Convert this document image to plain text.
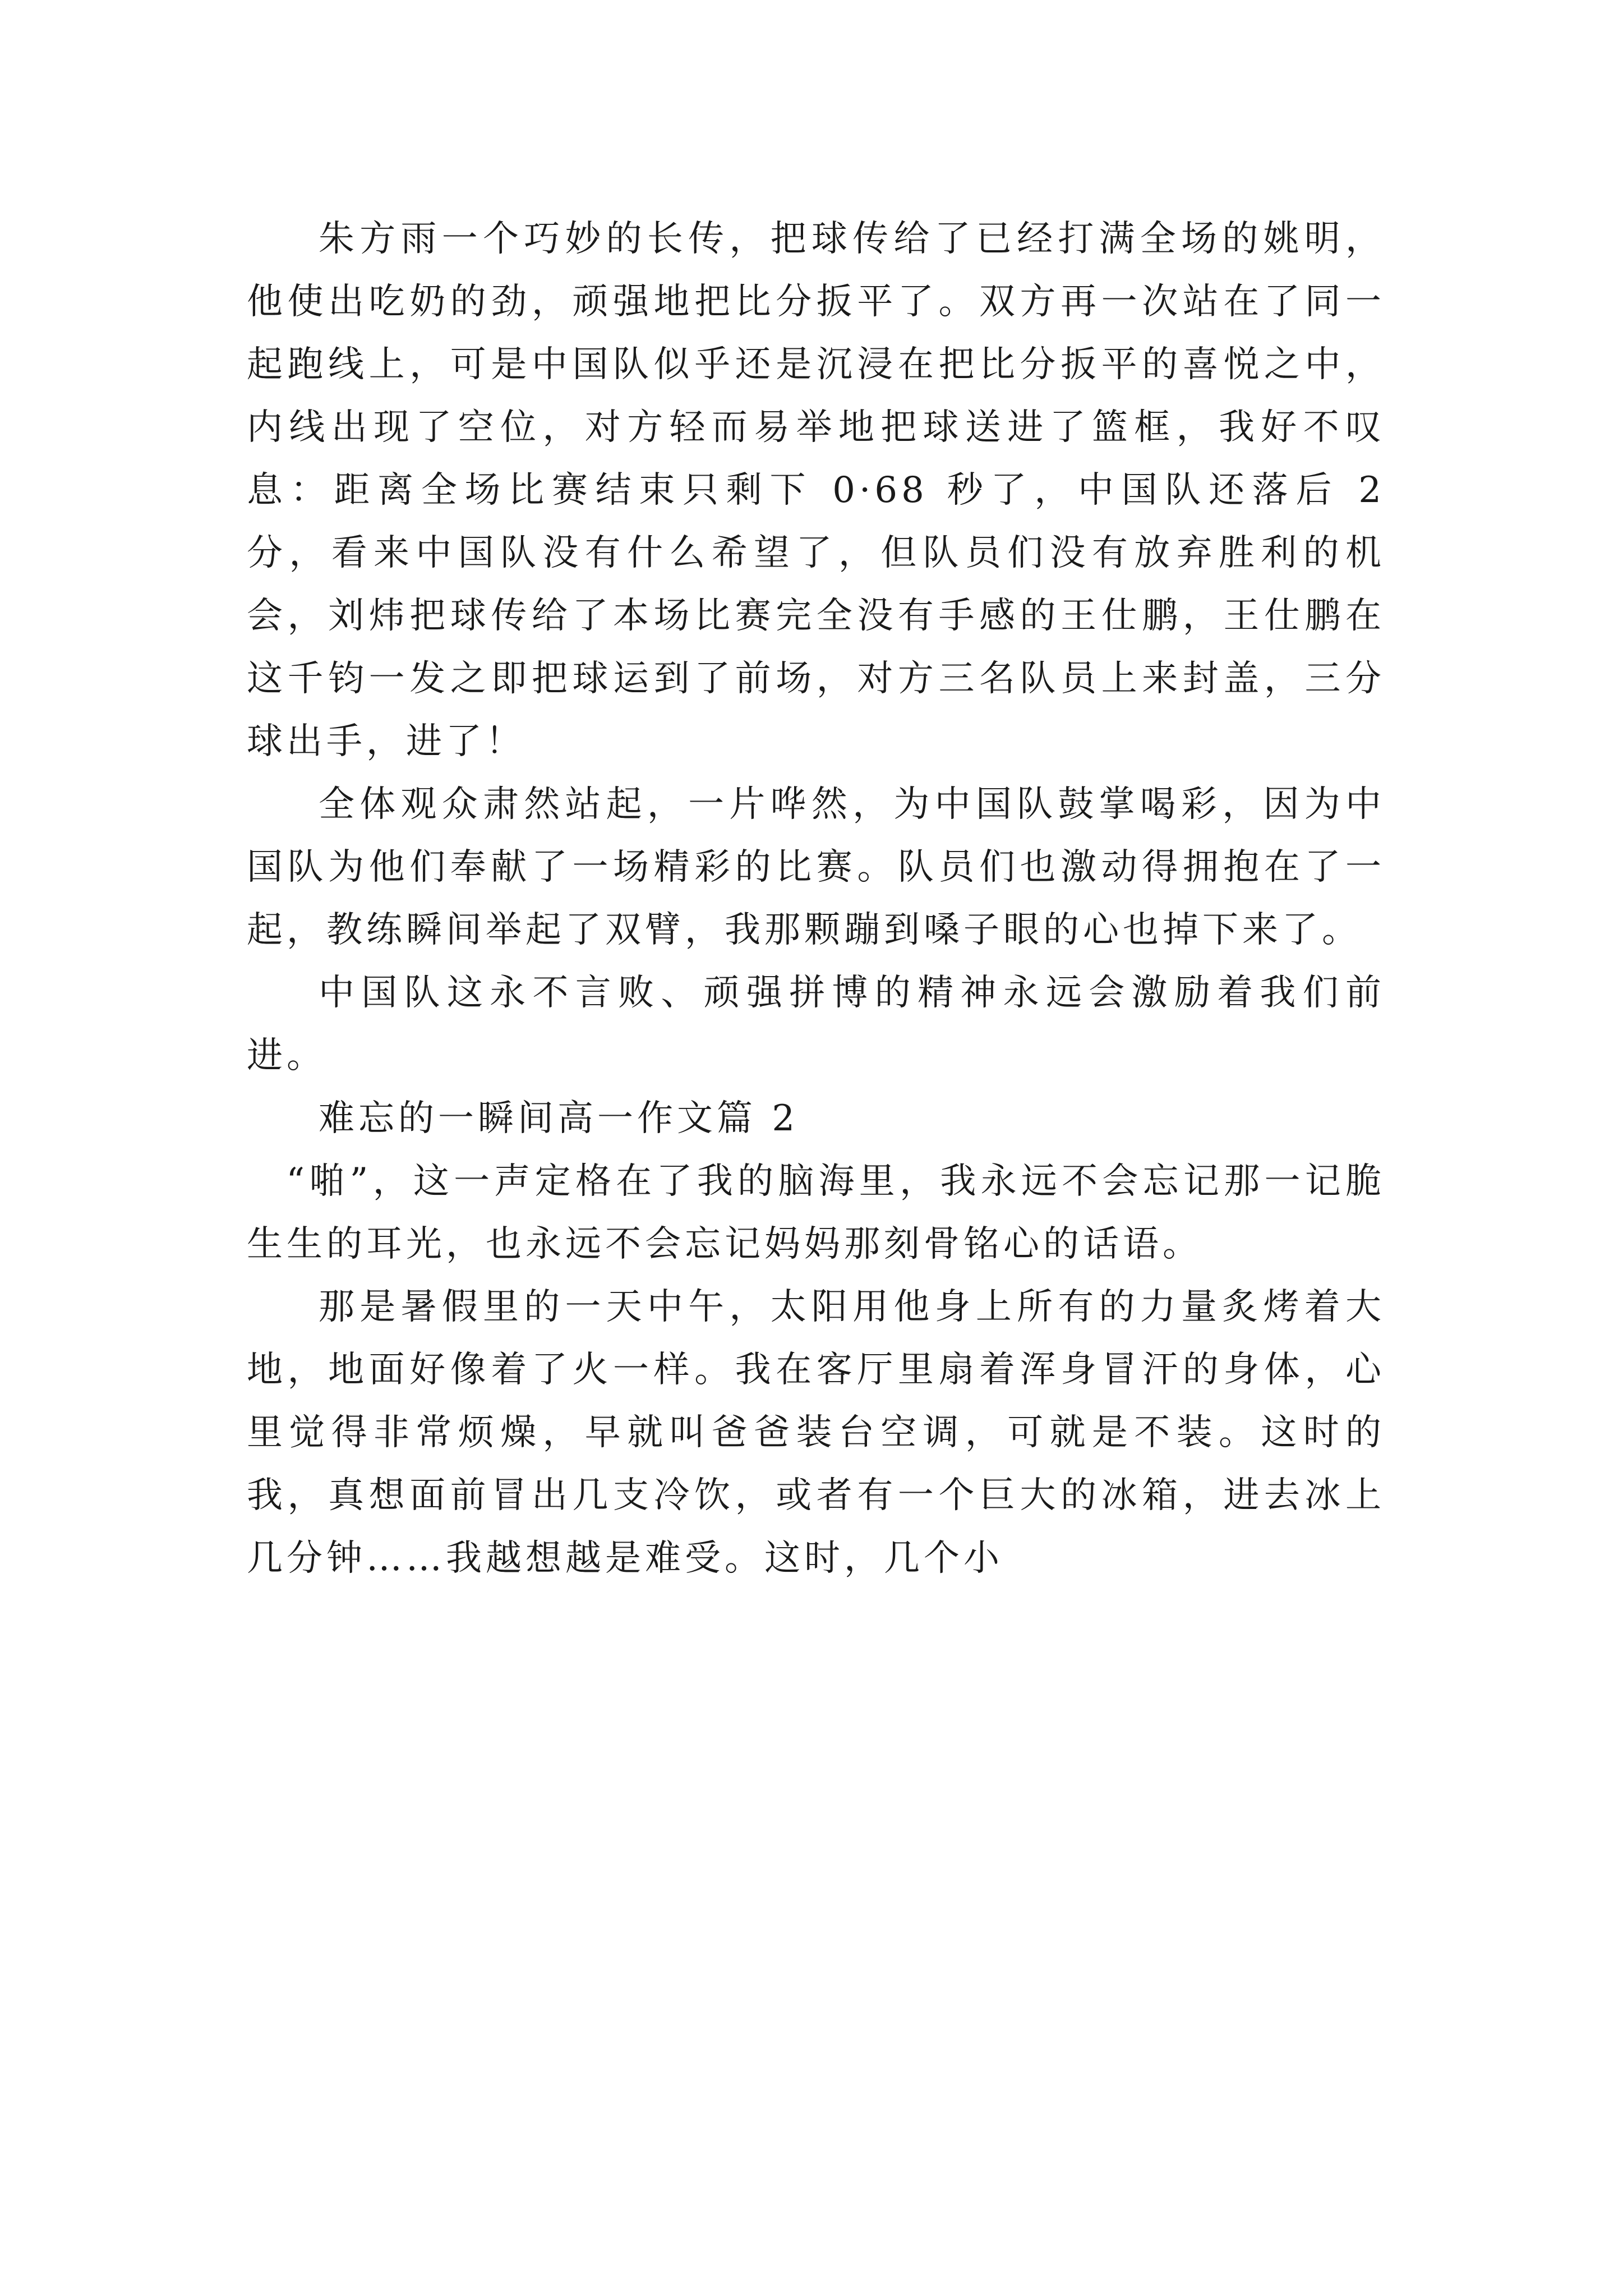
朱方雨一个巧妙的长传，把球传给了已经打满全场的姚明，他使出吃奶的劲，顽强地把比分扳平了。双方再一次站在了同一起跑线上，可是中国队似乎还是沉浸在把比分扳平的喜悦之中，内线出现了空位，对方轻而易举地把球送进了篮框，我好不叹息：距离全场比赛结束只剩下 0·68 秒了，中国队还落后 2 分，看来中国队没有什么希望了，但队员们没有放弃胜利的机会，刘炜把球传给了本场比赛完全没有手感的王仕鹏，王仕鹏在这千钧一发之即把球运到了前场，对方三名队员上来封盖，三分球出手，进了！

全体观众肃然站起，一片哗然，为中国队鼓掌喝彩，因为中国队为他们奉献了一场精彩的比赛。队员们也激动得拥抱在了一起，教练瞬间举起了双臂，我那颗蹦到嗓子眼的心也掉下来了。

中国队这永不言败、顽强拼博的精神永远会激励着我们前进。

难忘的一瞬间高一作文篇 2

“啪”，这一声定格在了我的脑海里，我永远不会忘记那一记脆生生的耳光，也永远不会忘记妈妈那刻骨铭心的话语。

那是暑假里的一天中午，太阳用他身上所有的力量炙烤着大地，地面好像着了火一样。我在客厅里扇着浑身冒汗的身体，心里觉得非常烦燥，早就叫爸爸装台空调，可就是不装。这时的我，真想面前冒出几支冷饮，或者有一个巨大的冰箱，进去冰上几分钟……我越想越是难受。这时，几个小
